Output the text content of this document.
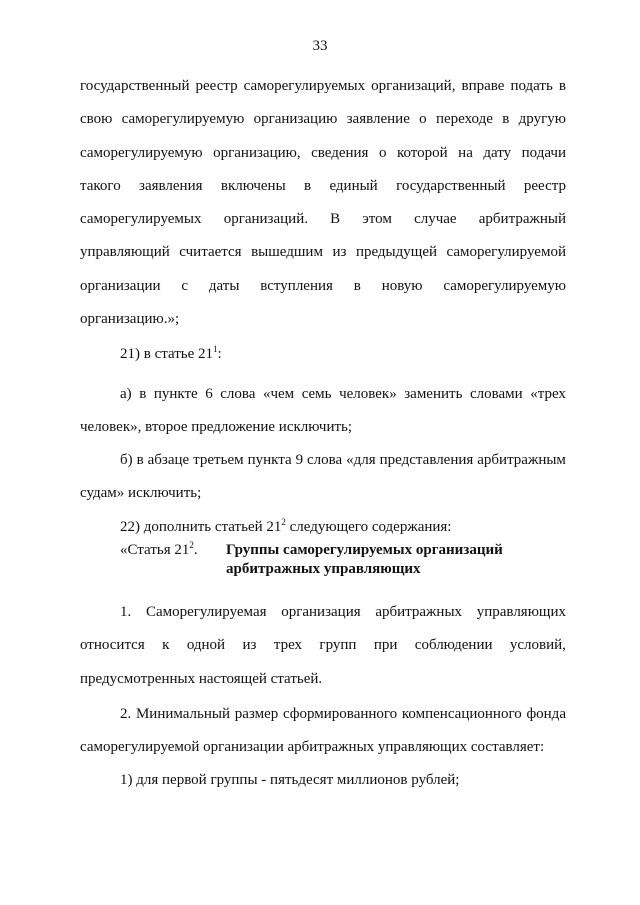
33
государственный реестр саморегулируемых организаций, вправе подать в
свою саморегулируемую организацию заявление о переходе в другую
саморегулируемую организацию, сведения о которой на дату подачи
такого заявления включены в единый государственный реестр
саморегулируемых организаций. В этом случае арбитражный
управляющий считается вышедшим из предыдущей саморегулируемой
организации с даты вступления в новую саморегулируемую
организацию.»;
21) в статье $21^1$:
а) в пункте 6 слова «чем семь человек» заменить словами «трех
человек», второе предложение исключить;
б) в абзаце третьем пункта 9 слова «для представления арбитражным
судам» исключить;
22) дополнить статьей $21^2$ следующего содержания:
«Статья $21^2$. Группы саморегулируемых организаций
арбитражных управляющих
1. Саморегулируемая организация арбитражных управляющих
относится к одной из трех групп при соблюдении условий,
предусмотренных настоящей статьей.
2. Минимальный размер сформированного компенсационного фонда
саморегулируемой организации арбитражных управляющих составляет:
1) для первой группы - пятьдесят миллионов рублей;
